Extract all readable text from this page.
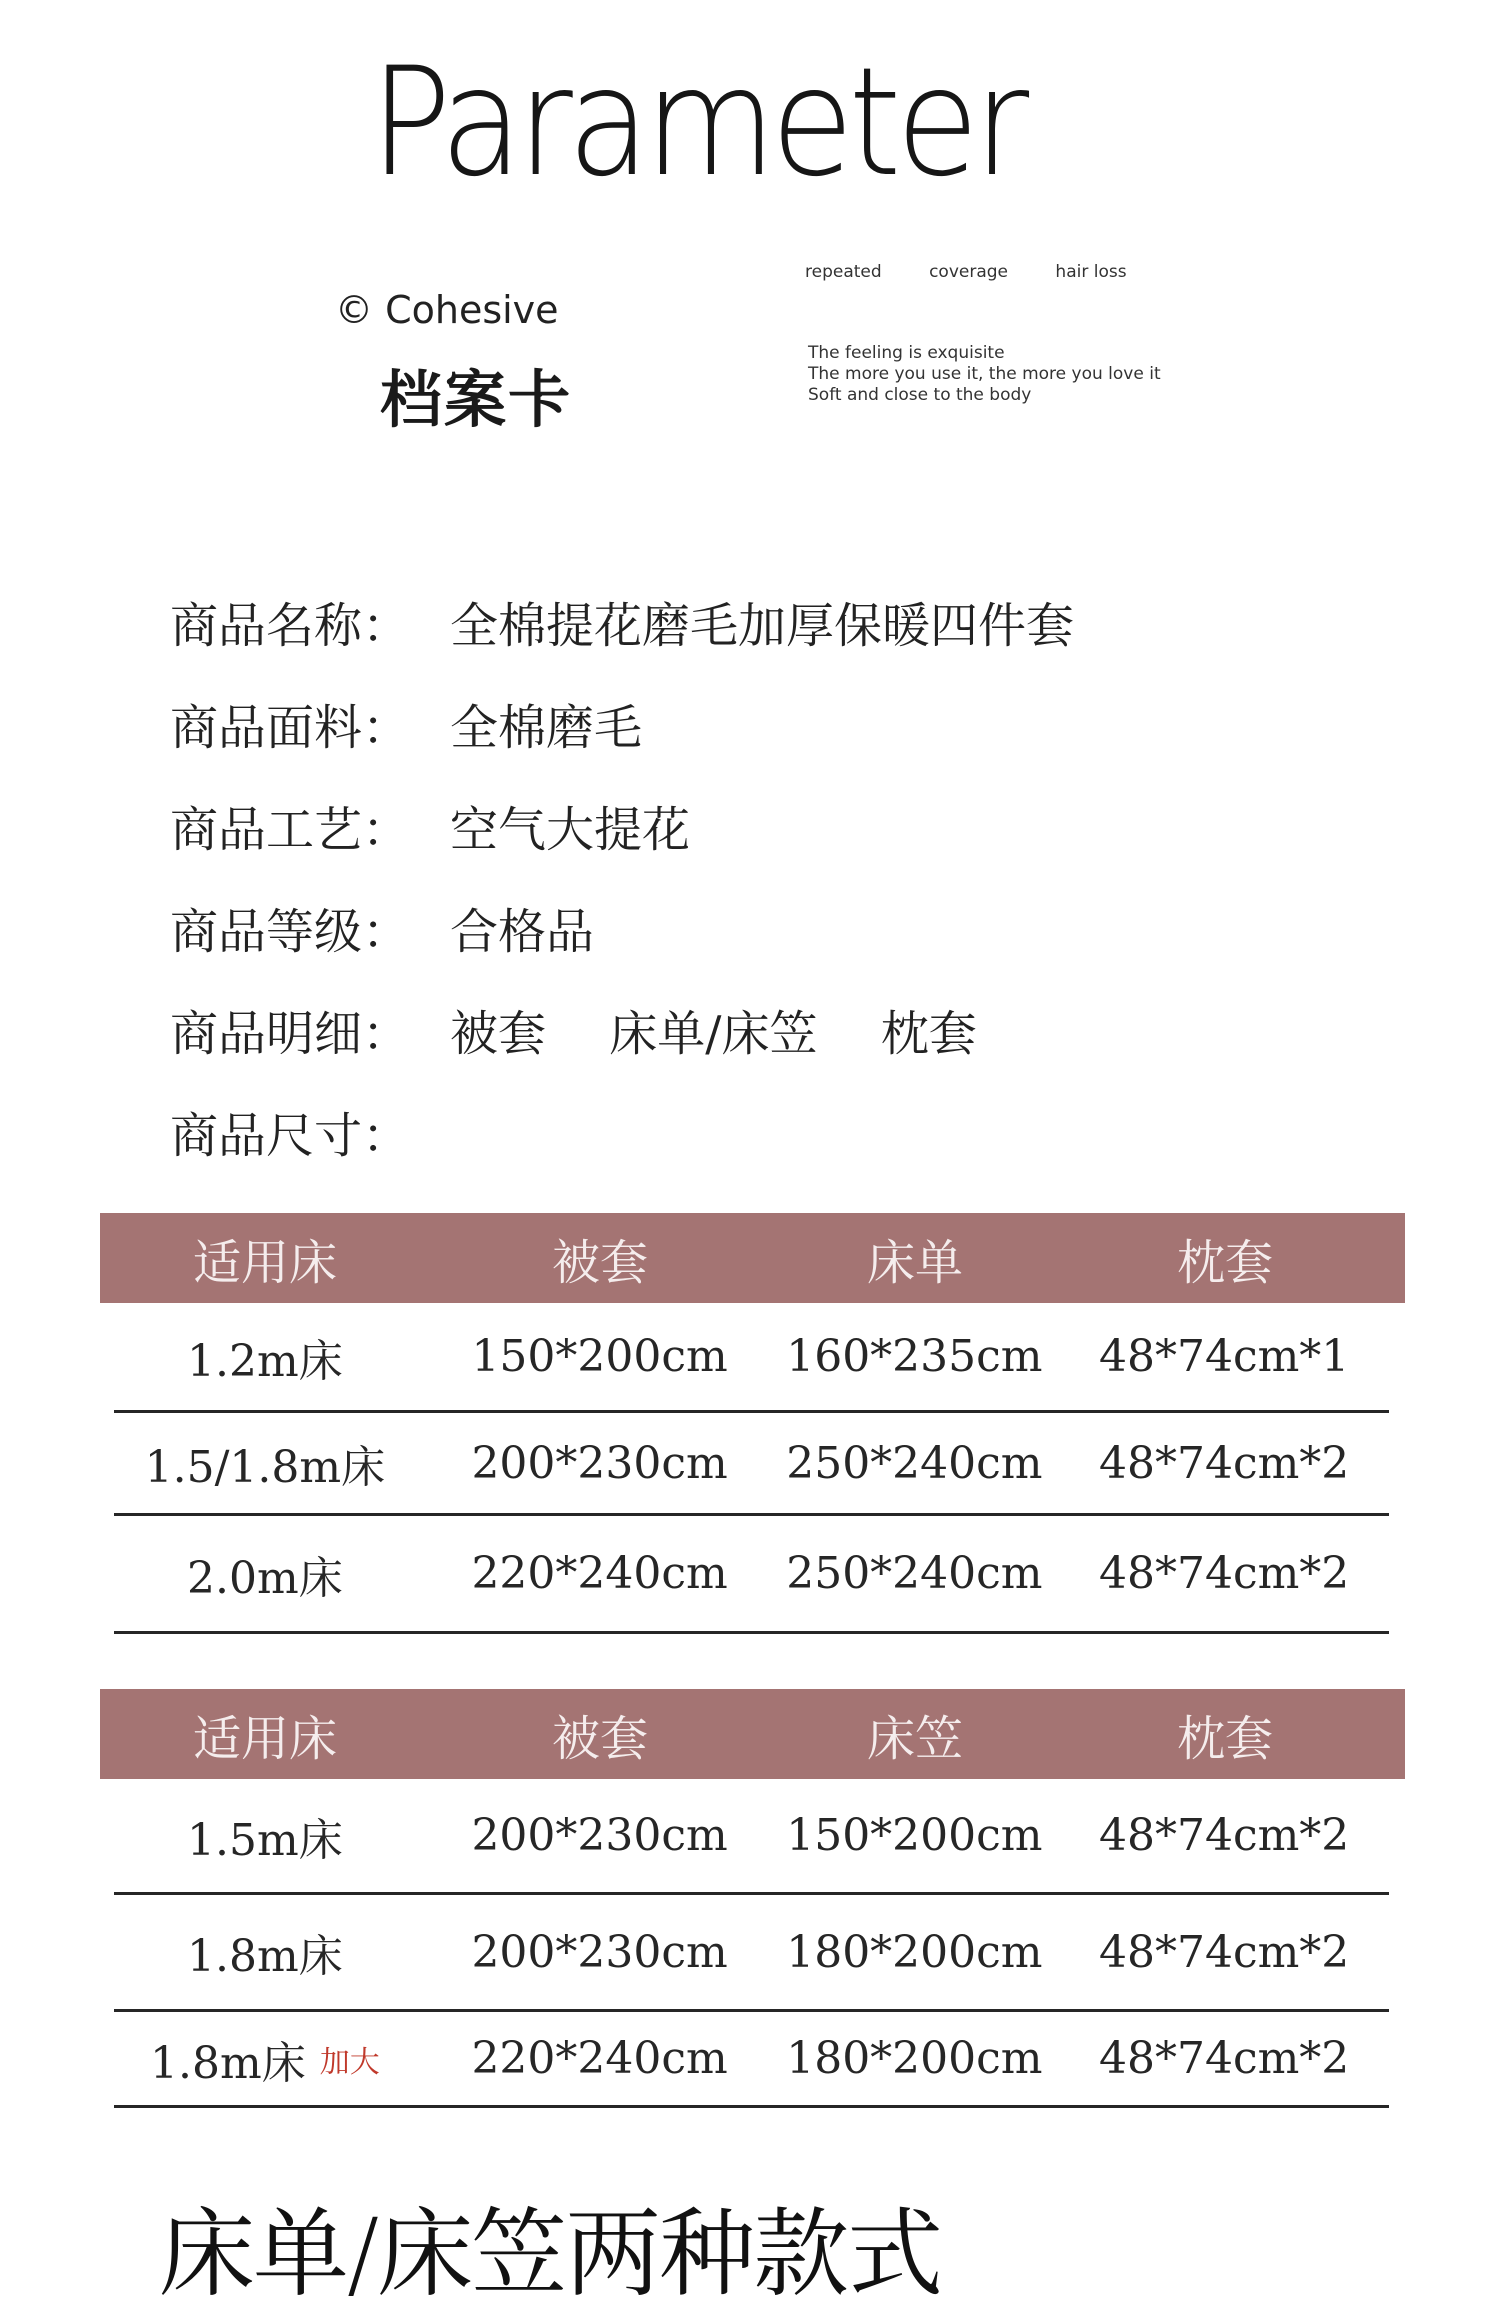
Parameter
© Cohesive
档案卡
repeated	coverage	hair loss
The feeling is exquisite
The more you use it, the more you love it
Soft and close to the body
商品名称： 全棉提花磨毛加厚保暖四件套
商品面料： 全棉磨毛
商品工艺： 空气大提花
商品等级： 合格品
商品明细： 被套 床单/床笠 枕套
商品尺寸：
适用床	被套	床单	枕套
1.2m床	150*200cm	160*235cm	48*74cm*1
1.5/1.8m床	200*230cm	250*240cm	48*74cm*2
2.0m床	220*240cm	250*240cm	48*74cm*2
适用床	被套	床笠	枕套
1.5m床	200*230cm	150*200cm	48*74cm*2
1.8m床	200*230cm	180*200cm	48*74cm*2
1.8m床 加大	220*240cm	180*200cm	48*74cm*2
床单/床笠两种款式
